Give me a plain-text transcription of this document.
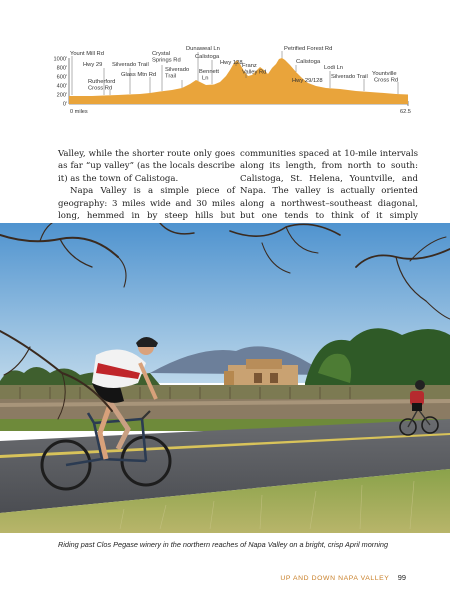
1000'
800'
600'
400'
200'
0'
Yount Mill Rd
Hwy 29
Rutherford Cross Rd
Silverado Trail
Glass Mtn Rd
Crystal Springs Rd
Silverado Trail
Dunaweal Ln
Calistoga
Bennett Ln
Hwy 128 Franz Valley Rd
Petrified Forest Rd
Calistoga
Lodi Ln
Hwy 29/128
Silverado Trail Yountville Cross Rd
0 miles	62.5

Valley, while the shorter route only goes as far “up valley” (as the locals describe it) as the town of Calistoga.

Napa Valley is a simple piece of geography: 3 miles wide and 30 miles long, hemmed in by steep hills but

communities spaced at 10-mile intervals along its length, from north to south: Calistoga, St. Helena, Yountville, and Napa. The valley is actually oriented along a northwest–southeast diagonal, but one tends to think of it simply

Riding past Clos Pegase winery in the northern reaches of Napa Valley on a bright, crisp April morning
UP AND DOWN NAPA VALLEY 99
